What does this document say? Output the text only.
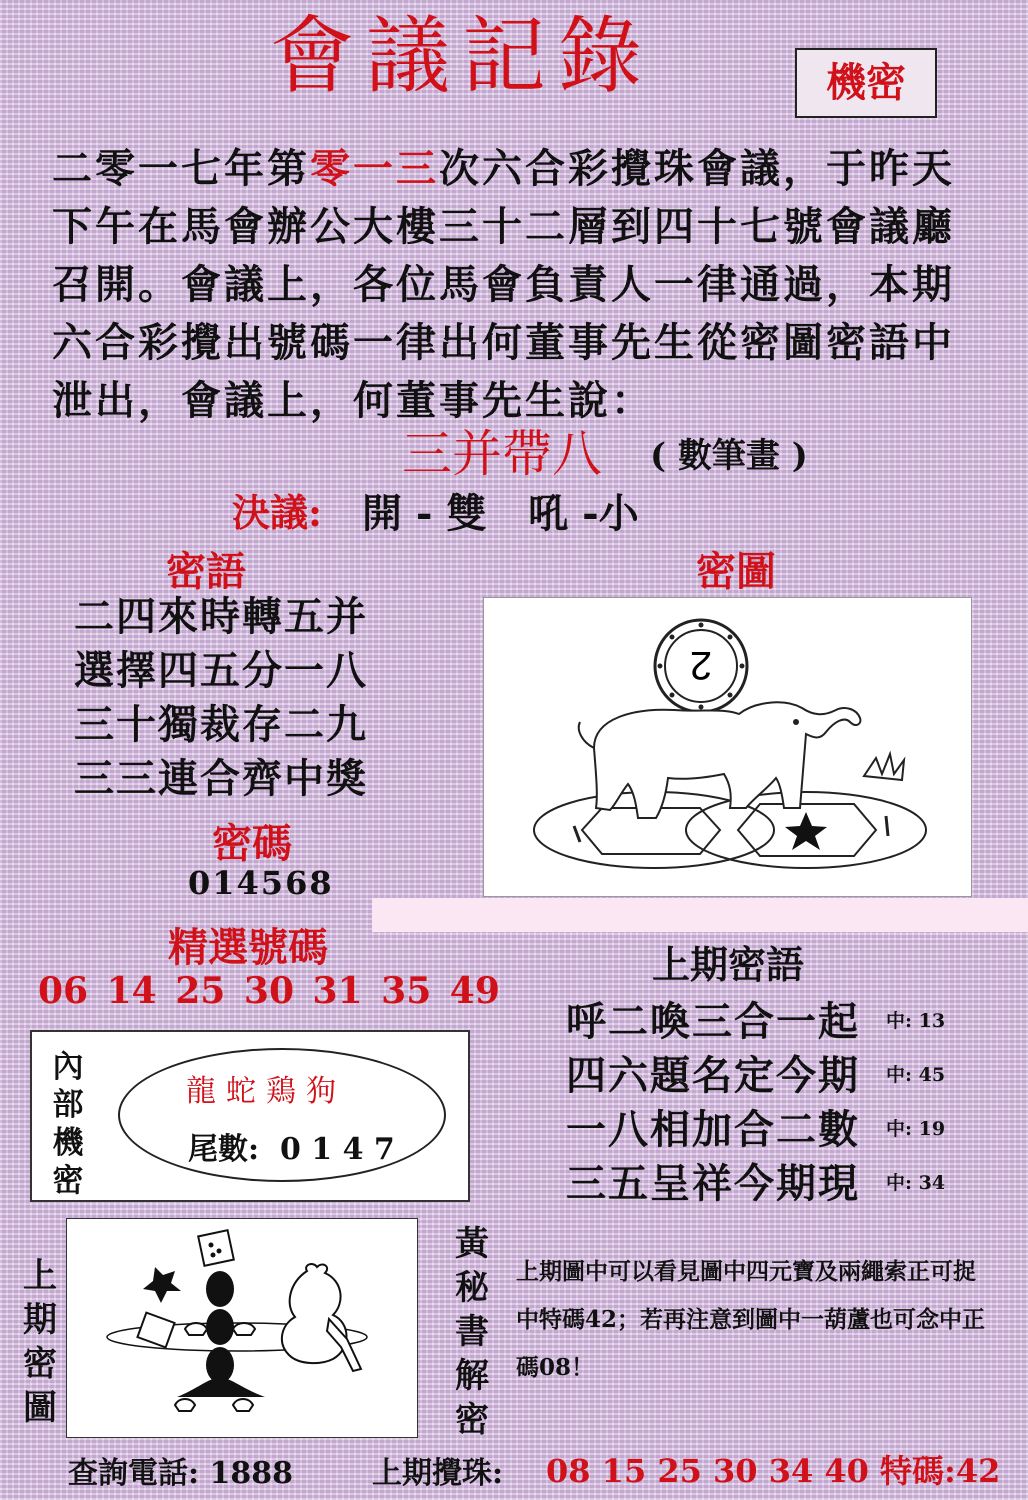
會議記錄	機密
二零一七年第零一三次六合彩攪珠會議，于昨天
下午在馬會辦公大樓三十二層到四十七號會議廳
召開。會議上，各位馬會負責人一律通過，本期
六合彩攪出號碼一律出何董事先生從密圖密語中
泄出，會議上，何董事先生說：
三并帶八 ( 數筆畫 )
決議: 開 - 雙   吼 -小
密語
二四來時轉五并
選擇四五分一八
三十獨裁存二九
三三連合齊中獎
密圖
2
密碼
014568
精選號碼
06 14 25 30 31 35 49
上期密語
呼二喚三合一起 中: 13
四六題名定今期 中: 45
一八相加合二數 中: 19
三五呈祥今期現 中: 34
內
部
機
密
龍蛇鶏狗
尾數: 0 1 4 7
上
期
密
圖
黃
秘
書
解
密
上期圖中可以看見圖中四元寶及兩繩索正可捉中特碼42；若再注意到圖中一葫蘆也可念中正碼08！
查詢電話: 1888	上期攪珠: 08 15 25 30 34 40 特碼:42
